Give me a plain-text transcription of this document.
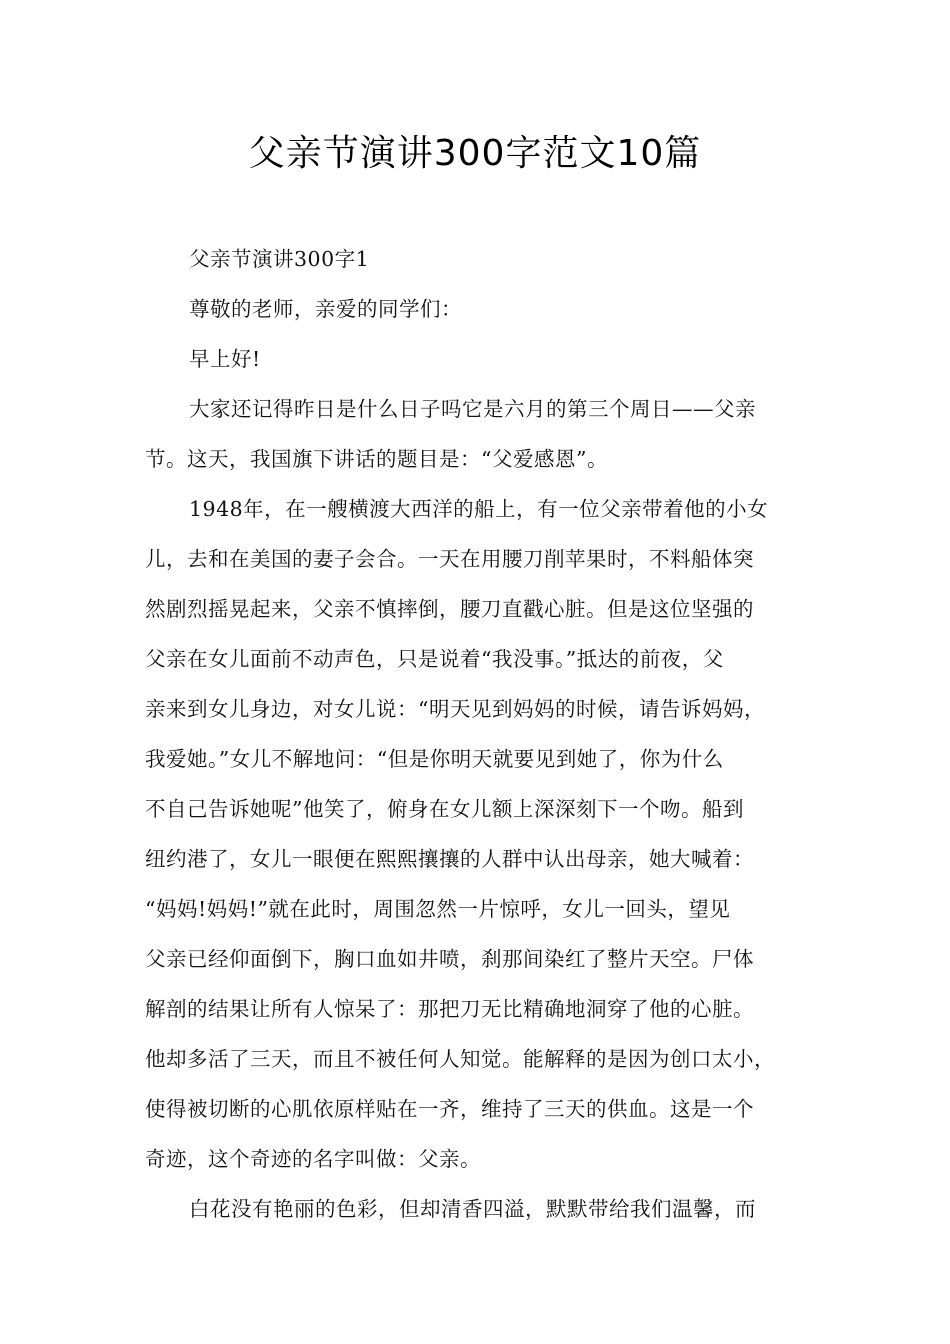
父亲节演讲300字范文10篇
父亲节演讲300字1
尊敬的老师，亲爱的同学们：
早上好!
大家还记得昨日是什么日子吗它是六月的第三个周日——父亲
节。这天，我国旗下讲话的题目是：“父爱感恩”。
1948年，在一艘横渡大西洋的船上，有一位父亲带着他的小女
儿，去和在美国的妻子会合。一天在用腰刀削苹果时，不料船体突
然剧烈摇晃起来，父亲不慎摔倒，腰刀直戳心脏。但是这位坚强的
父亲在女儿面前不动声色，只是说着“我没事。”抵达的前夜，父
亲来到女儿身边，对女儿说：“明天见到妈妈的时候，请告诉妈妈，
我爱她。”女儿不解地问：“但是你明天就要见到她了，你为什么
不自己告诉她呢”他笑了，俯身在女儿额上深深刻下一个吻。船到
纽约港了，女儿一眼便在熙熙攘攘的人群中认出母亲，她大喊着：
“妈妈!妈妈!”就在此时，周围忽然一片惊呼，女儿一回头，望见
父亲已经仰面倒下，胸口血如井喷，刹那间染红了整片天空。尸体
解剖的结果让所有人惊呆了：那把刀无比精确地洞穿了他的心脏。
他却多活了三天，而且不被任何人知觉。能解释的是因为创口太小，
使得被切断的心肌依原样贴在一齐，维持了三天的供血。这是一个
奇迹，这个奇迹的名字叫做：父亲。
白花没有艳丽的色彩，但却清香四溢，默默带给我们温馨，而
